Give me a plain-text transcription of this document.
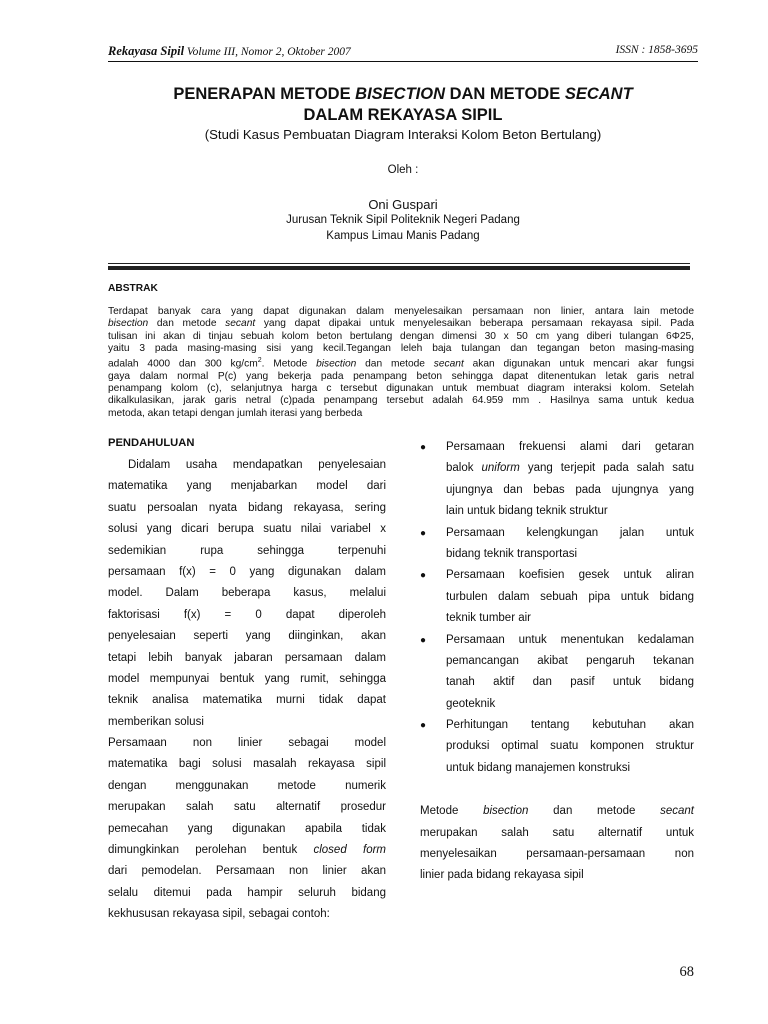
Rekayasa Sipil Volume III, Nomor 2, Oktober 2007	ISSN : 1858-3695
PENERAPAN METODE BISECTION DAN METODE SECANT
DALAM REKAYASA SIPIL
(Studi Kasus Pembuatan Diagram Interaksi Kolom Beton Bertulang)
Oleh :
Oni Guspari
Jurusan Teknik Sipil Politeknik Negeri Padang
Kampus Limau Manis Padang
ABSTRAK
Terdapat banyak cara yang dapat digunakan dalam menyelesaikan persamaan non linier, antara lain metode
bisection dan metode secant yang dapat dipakai untuk menyelesaikan beberapa persamaan rekayasa sipil. Pada
tulisan ini akan di tinjau sebuah kolom beton bertulang dengan dimensi 30 x 50 cm yang diberi tulangan 6Φ25,
yaitu 3 pada masing-masing sisi yang kecil.Tegangan leleh baja tulangan dan tegangan beton masing-masing
adalah 4000 dan 300 $kg/cm^2$. Metode bisection dan metode secant akan digunakan untuk mencari akar fungsi
gaya dalam normal P(c) yang bekerja pada penampang beton sehingga dapat ditenentukan letak garis netral
penampang kolom (c), selanjutnya harga c tersebut digunakan untuk membuat diagram interaksi kolom. Setelah
dikalkulasikan, jarak garis netral (c)pada penampang tersebut adalah 64.959 mm . Hasilnya sama untuk kedua
metoda, akan tetapi dengan jumlah iterasi yang berbeda
PENDAHULUAN
Didalam usaha mendapatkan penyelesaian
matematika yang menjabarkan model dari
suatu persoalan nyata bidang rekayasa, sering
solusi yang dicari berupa suatu nilai variabel x
sedemikian rupa sehingga terpenuhi
persamaan f(x) = 0 yang digunakan dalam
model. Dalam beberapa kasus, melalui
faktorisasi f(x) = 0 dapat diperoleh
penyelesaian seperti yang diinginkan, akan
tetapi lebih banyak jabaran persamaan dalam
model mempunyai bentuk yang rumit, sehingga
teknik analisa matematika murni tidak dapat
memberikan solusi
Persamaan non linier sebagai model
matematika bagi solusi masalah rekayasa sipil
dengan menggunakan metode numerik
merupakan salah satu alternatif prosedur
pemecahan yang digunakan apabila tidak
dimungkinkan perolehan bentuk closed form
dari pemodelan. Persamaan non linier akan
selalu ditemui pada hampir seluruh bidang
kekhususan rekayasa sipil, sebagai contoh:
●	Persamaan frekuensi alami dari getaran
balok uniform yang terjepit pada salah satu
ujungnya dan bebas pada ujungnya yang
lain untuk bidang teknik struktur
●	Persamaan kelengkungan jalan untuk
bidang teknik transportasi
●	Persamaan koefisien gesek untuk aliran
turbulen dalam sebuah pipa untuk bidang
teknik tumber air
●	Persamaan untuk menentukan kedalaman
pemancangan akibat pengaruh tekanan
tanah aktif dan pasif untuk bidang
geoteknik
●	Perhitungan tentang kebutuhan akan
produksi optimal suatu komponen struktur
untuk bidang manajemen konstruksi
Metode bisection dan metode secant
merupakan salah satu alternatif untuk
menyelesaikan persamaan-persamaan non
linier pada bidang rekayasa sipil
68
